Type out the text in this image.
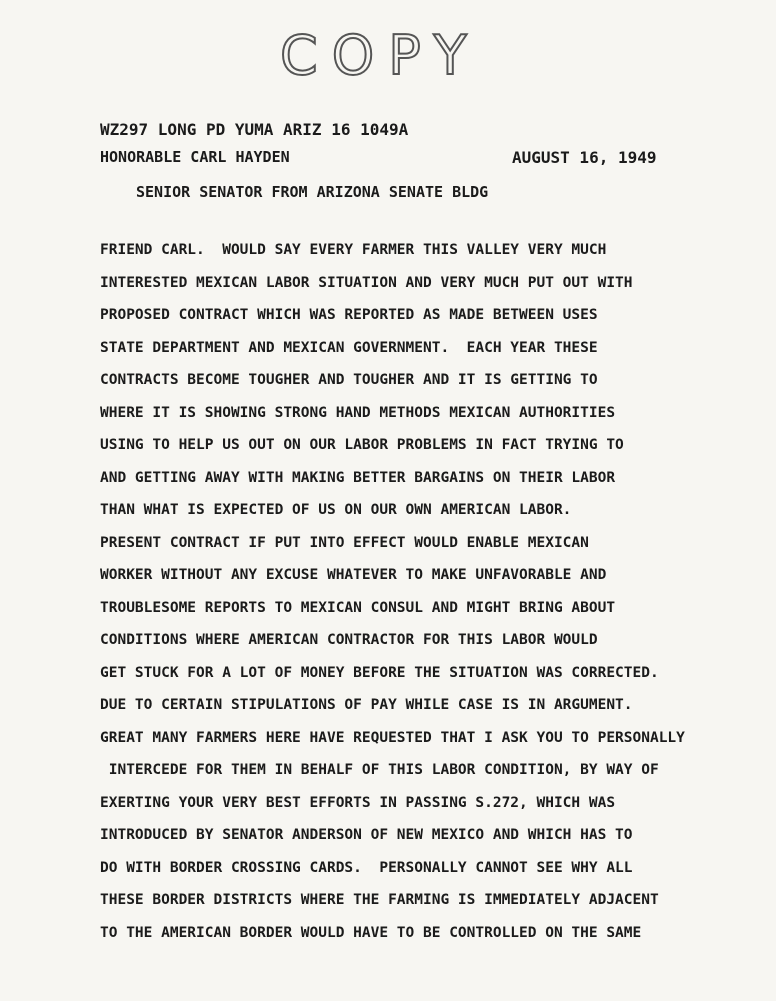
COPY
WZ297 LONG PD YUMA ARIZ 16 1049A
HONORABLE CARL HAYDEN	AUGUST 16, 1949
SENIOR SENATOR FROM ARIZONA SENATE BLDG
FRIEND CARL.  WOULD SAY EVERY FARMER THIS VALLEY VERY MUCH
INTERESTED MEXICAN LABOR SITUATION AND VERY MUCH PUT OUT WITH
PROPOSED CONTRACT WHICH WAS REPORTED AS MADE BETWEEN USES
STATE DEPARTMENT AND MEXICAN GOVERNMENT.  EACH YEAR THESE
CONTRACTS BECOME TOUGHER AND TOUGHER AND IT IS GETTING TO
WHERE IT IS SHOWING STRONG HAND METHODS MEXICAN AUTHORITIES
USING TO HELP US OUT ON OUR LABOR PROBLEMS IN FACT TRYING TO
AND GETTING AWAY WITH MAKING BETTER BARGAINS ON THEIR LABOR
THAN WHAT IS EXPECTED OF US ON OUR OWN AMERICAN LABOR.
PRESENT CONTRACT IF PUT INTO EFFECT WOULD ENABLE MEXICAN
WORKER WITHOUT ANY EXCUSE WHATEVER TO MAKE UNFAVORABLE AND
TROUBLESOME REPORTS TO MEXICAN CONSUL AND MIGHT BRING ABOUT
CONDITIONS WHERE AMERICAN CONTRACTOR FOR THIS LABOR WOULD
GET STUCK FOR A LOT OF MONEY BEFORE THE SITUATION WAS CORRECTED.
DUE TO CERTAIN STIPULATIONS OF PAY WHILE CASE IS IN ARGUMENT.
GREAT MANY FARMERS HERE HAVE REQUESTED THAT I ASK YOU TO PERSONALLY
INTERCEDE FOR THEM IN BEHALF OF THIS LABOR CONDITION, BY WAY OF
EXERTING YOUR VERY BEST EFFORTS IN PASSING S.272, WHICH WAS
INTRODUCED BY SENATOR ANDERSON OF NEW MEXICO AND WHICH HAS TO
DO WITH BORDER CROSSING CARDS.  PERSONALLY CANNOT SEE WHY ALL
THESE BORDER DISTRICTS WHERE THE FARMING IS IMMEDIATELY ADJACENT
TO THE AMERICAN BORDER WOULD HAVE TO BE CONTROLLED ON THE SAME
